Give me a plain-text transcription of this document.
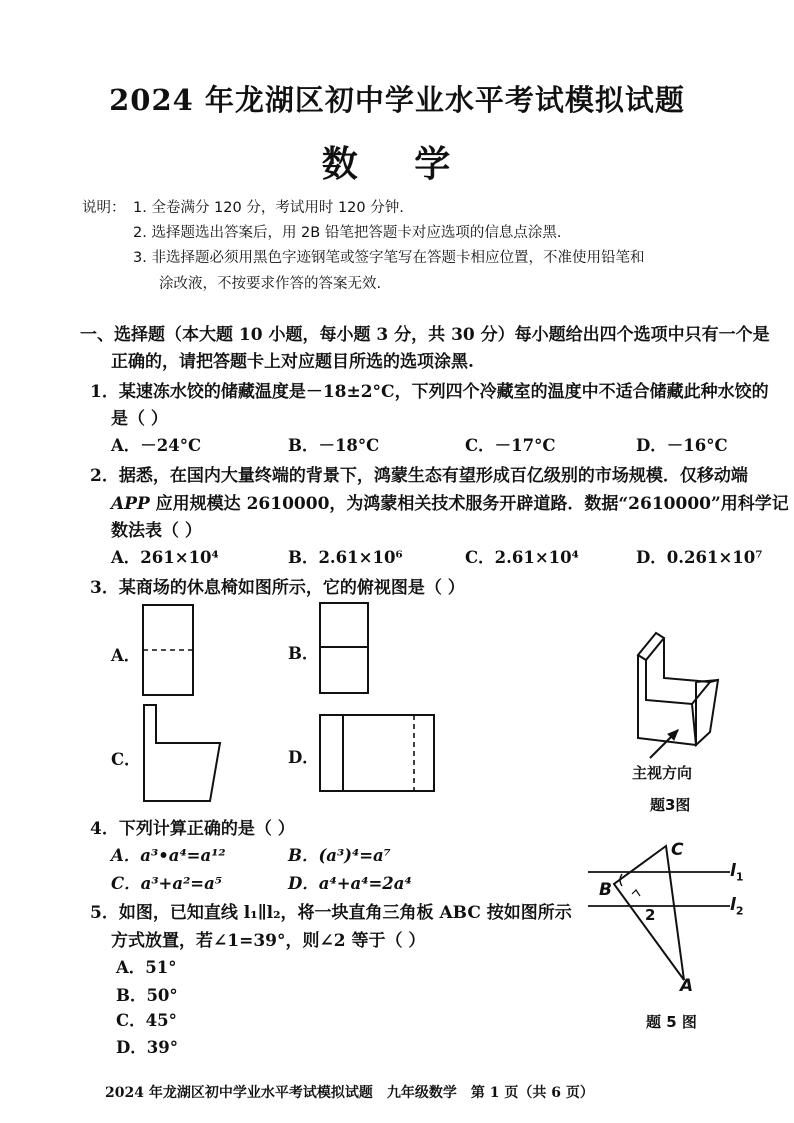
2024 年龙湖区初中学业水平考试模拟试题
数 学
说明： 1. 全卷满分 120 分，考试用时 120 分钟.
2. 选择题选出答案后，用 2B 铅笔把答题卡对应选项的信息点涂黑.
3. 非选择题必须用黑色字迹钢笔或签字笔写在答题卡相应位置，不准使用铅笔和
涂改液，不按要求作答的答案无效.
一、选择题（本大题 10 小题，每小题 3 分，共 30 分）每小题给出四个选项中只有一个是
正确的，请把答题卡上对应题目所选的选项涂黑.
1．某速冻水饺的储藏温度是－18±2°C，下列四个冷藏室的温度中不适合储藏此种水饺的
是（ ）
A．－24°C	B．－18°C	C．－17°C	D．－16°C
2．据悉，在国内大量终端的背景下，鸿蒙生态有望形成百亿级别的市场规模．仅移动端
APP 应用规模达 2610000，为鸿蒙相关技术服务开辟道路．数据“2610000”用科学记
数法表（ ）
A．261×10⁴	B．2.61×10⁶	C．2.61×10⁴	D．0.261×10⁷
3．某商场的休息椅如图所示，它的俯视图是（ ）
A．	B．
C．	D．
主视方向
题3图
4．下列计算正确的是（ ）
A．a³•a⁴=a¹²	B．(a³)⁴=a⁷
C．a³+a²=a⁵	D．a⁴+a⁴=2a⁴
5．如图，已知直线 l₁∥l₂，将一块直角三角板 ABC 按如图所示
方式放置，若∠1=39°，则∠2 等于（ ）
A．51°
B．50°
C．45°
D．39°
C
B
A
2
$l_1$
$l_2$
题 5 图
2024 年龙湖区初中学业水平考试模拟试题　九年级数学　第 1 页（共 6 页）
